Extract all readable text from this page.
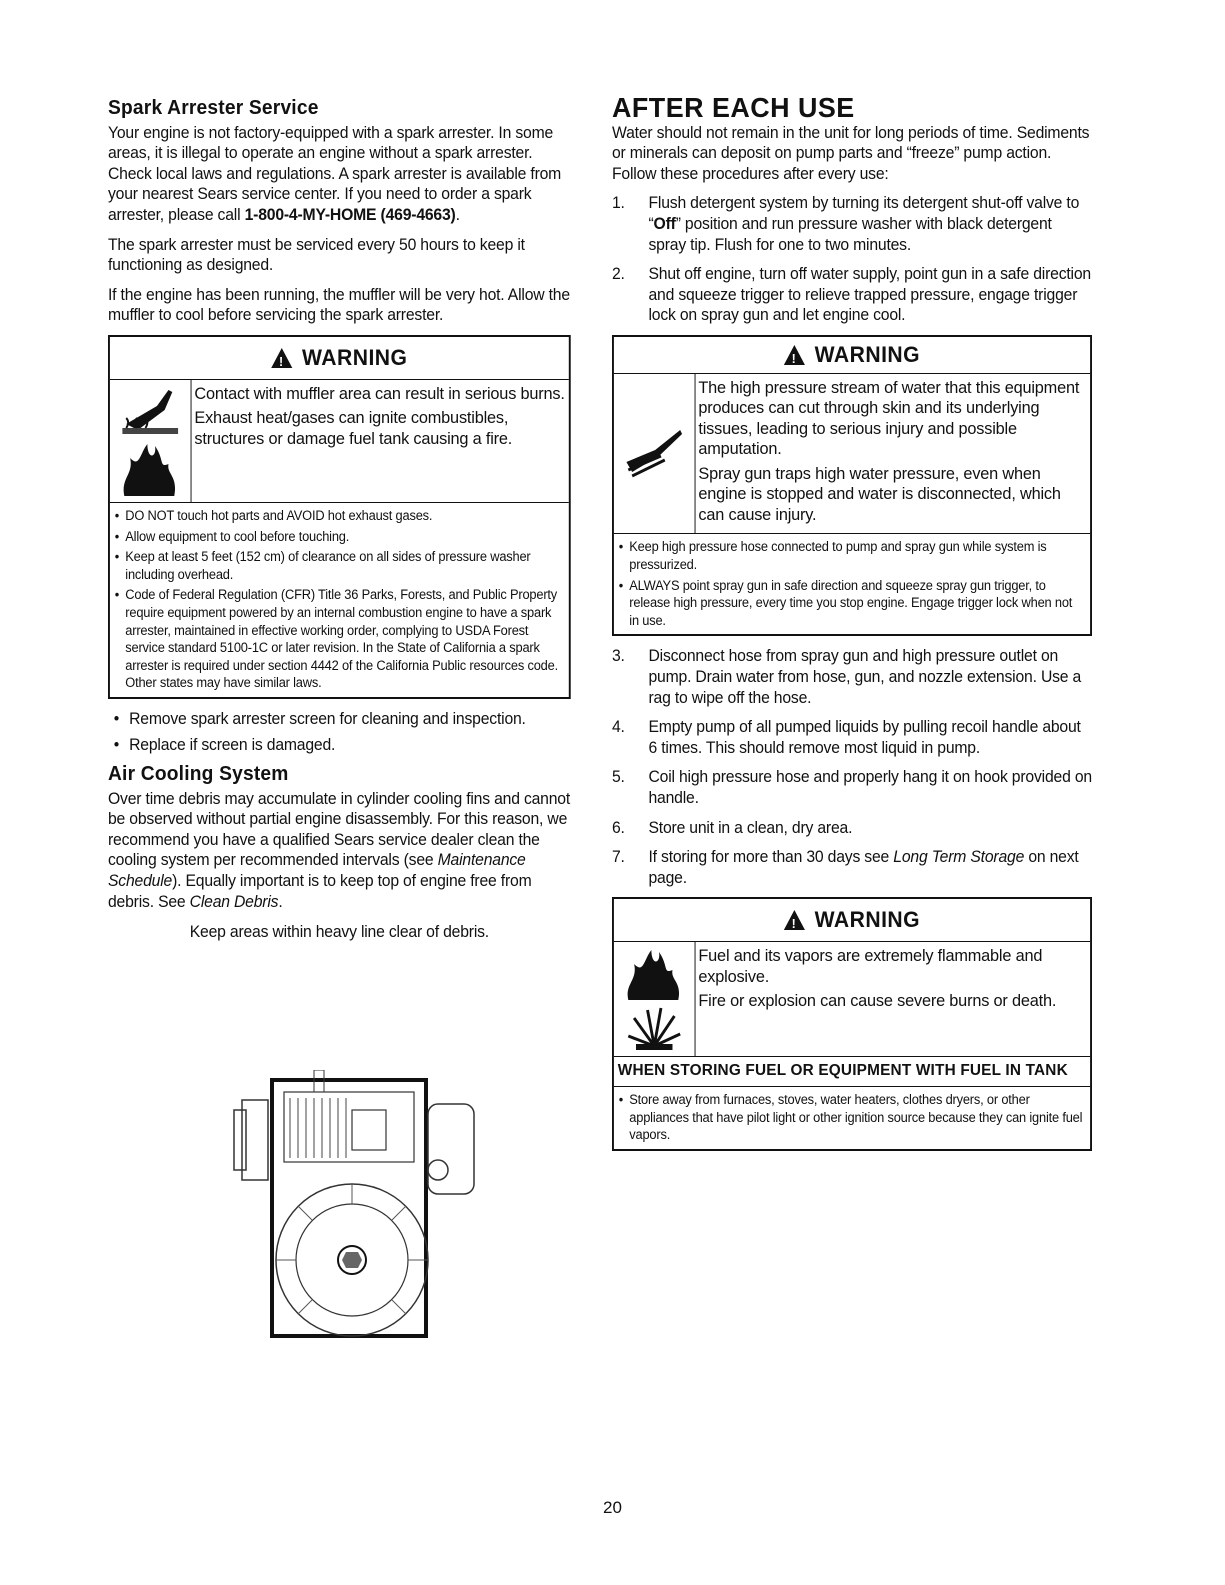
Spark Arrester Service

Your engine is not factory-equipped with a spark arrester. In some areas, it is illegal to operate an engine without a spark arrester. Check local laws and regulations. A spark arrester is available from your nearest Sears service center. If you need to order a spark arrester, please call 1-800-4-MY-HOME (469-4663).

The spark arrester must be serviced every 50 hours to keep it functioning as designed.

If the engine has been running, the muffler will be very hot. Allow the muffler to cool before servicing the spark arrester.

! WARNING

Contact with muffler area can result in serious burns.

Exhaust heat/gases can ignite combustibles, structures or damage fuel tank causing a fire.

• DO NOT touch hot parts and AVOID hot exhaust gases.
• Allow equipment to cool before touching.
• Keep at least 5 feet (152 cm) of clearance on all sides of pressure washer including overhead.
• Code of Federal Regulation (CFR) Title 36 Parks, Forests, and Public Property require equipment powered by an internal combustion engine to have a spark arrester, maintained in effective working order, complying to USDA Forest service standard 5100-1C or later revision. In the State of California a spark arrester is required under section 4442 of the California Public resources code. Other states may have similar laws.
• Remove spark arrester screen for cleaning and inspection.
• Replace if screen is damaged.
Air Cooling System

Over time debris may accumulate in cylinder cooling fins and cannot be observed without partial engine disassembly. For this reason, we recommend you have a qualified Sears service dealer clean the cooling system per recommended intervals (see Maintenance Schedule). Equally important is to keep top of engine free from debris. See Clean Debris.

Keep areas within heavy line clear of debris.

AFTER EACH USE

Water should not remain in the unit for long periods of time. Sediments or minerals can deposit on pump parts and “freeze” pump action. Follow these procedures after every use:

1. Flush detergent system by turning its detergent shut-off valve to “Off” position and run pressure washer with black detergent spray tip. Flush for one to two minutes.
2. Shut off engine, turn off water supply, point gun in a safe direction and squeeze trigger to relieve trapped pressure, engage trigger lock on spray gun and let engine cool.
! WARNING

The high pressure stream of water that this equipment produces can cut through skin and its underlying tissues, leading to serious injury and possible amputation.

Spray gun traps high water pressure, even when engine is stopped and water is disconnected, which can cause injury.

• Keep high pressure hose connected to pump and spray gun while system is pressurized.
• ALWAYS point spray gun in safe direction and squeeze spray gun trigger, to release high pressure, every time you stop engine. Engage trigger lock when not in use.
3. Disconnect hose from spray gun and high pressure outlet on pump. Drain water from hose, gun, and nozzle extension. Use a rag to wipe off the hose.
4. Empty pump of all pumped liquids by pulling recoil handle about 6 times. This should remove most liquid in pump.
5. Coil high pressure hose and properly hang it on hook provided on handle.
6. Store unit in a clean, dry area.
7. If storing for more than 30 days see Long Term Storage on next page.
! WARNING

Fuel and its vapors are extremely flammable and explosive.

Fire or explosion can cause severe burns or death.

WHEN STORING FUEL OR EQUIPMENT WITH FUEL IN TANK
• Store away from furnaces, stoves, water heaters, clothes dryers, or other appliances that have pilot light or other ignition source because they can ignite fuel vapors.
20
